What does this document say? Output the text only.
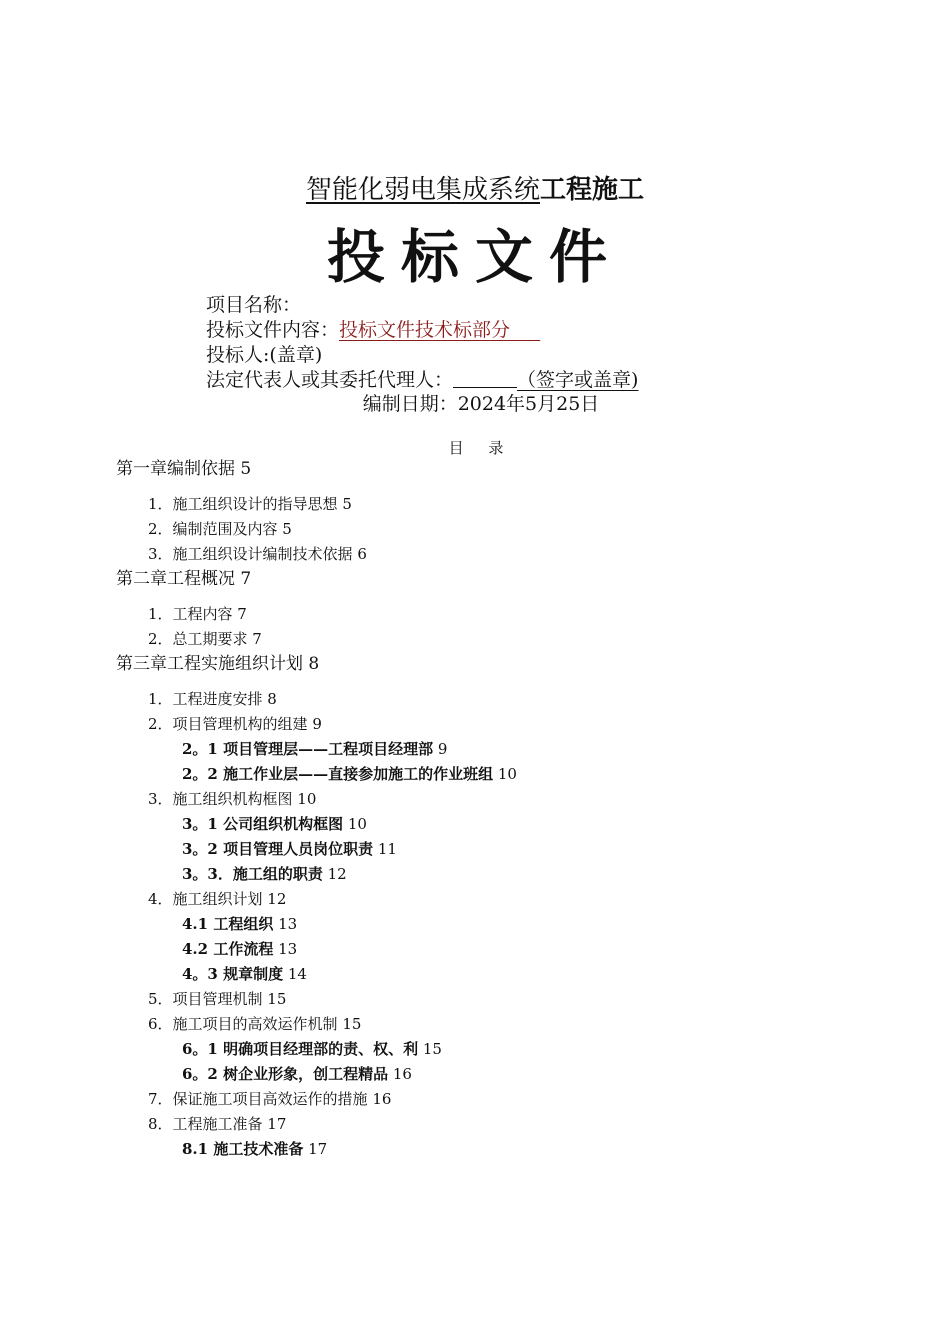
智能化弱电集成系统工程施工
投标文件
项目名称：
投标文件内容：投标文件技术标部分
投标人:(盖章)
法定代表人或其委托代理人：	（签字或盖章)
编制日期：2024年5月25日
目 录
第一章编制依据 5
1．施工组织设计的指导思想 5
2．编制范围及内容 5
3．施工组织设计编制技术依据 6
第二章工程概况 7
1．工程内容 7
2．总工期要求 7
第三章工程实施组织计划 8
1．工程进度安排 8
2．项目管理机构的组建 9
2。1 项目管理层——工程项目经理部 9
2。2 施工作业层——直接参加施工的作业班组 10
3．施工组织机构框图 10
3。1 公司组织机构框图 10
3。2 项目管理人员岗位职责 11
3。3．施工组的职责 12
4．施工组织计划 12
4.1 工程组织 13
4.2 工作流程 13
4。3 规章制度 14
5．项目管理机制 15
6．施工项目的高效运作机制 15
6。1 明确项目经理部的责、权、利 15
6。2 树企业形象，创工程精品 16
7．保证施工项目高效运作的措施 16
8．工程施工准备 17
8.1 施工技术准备 17
